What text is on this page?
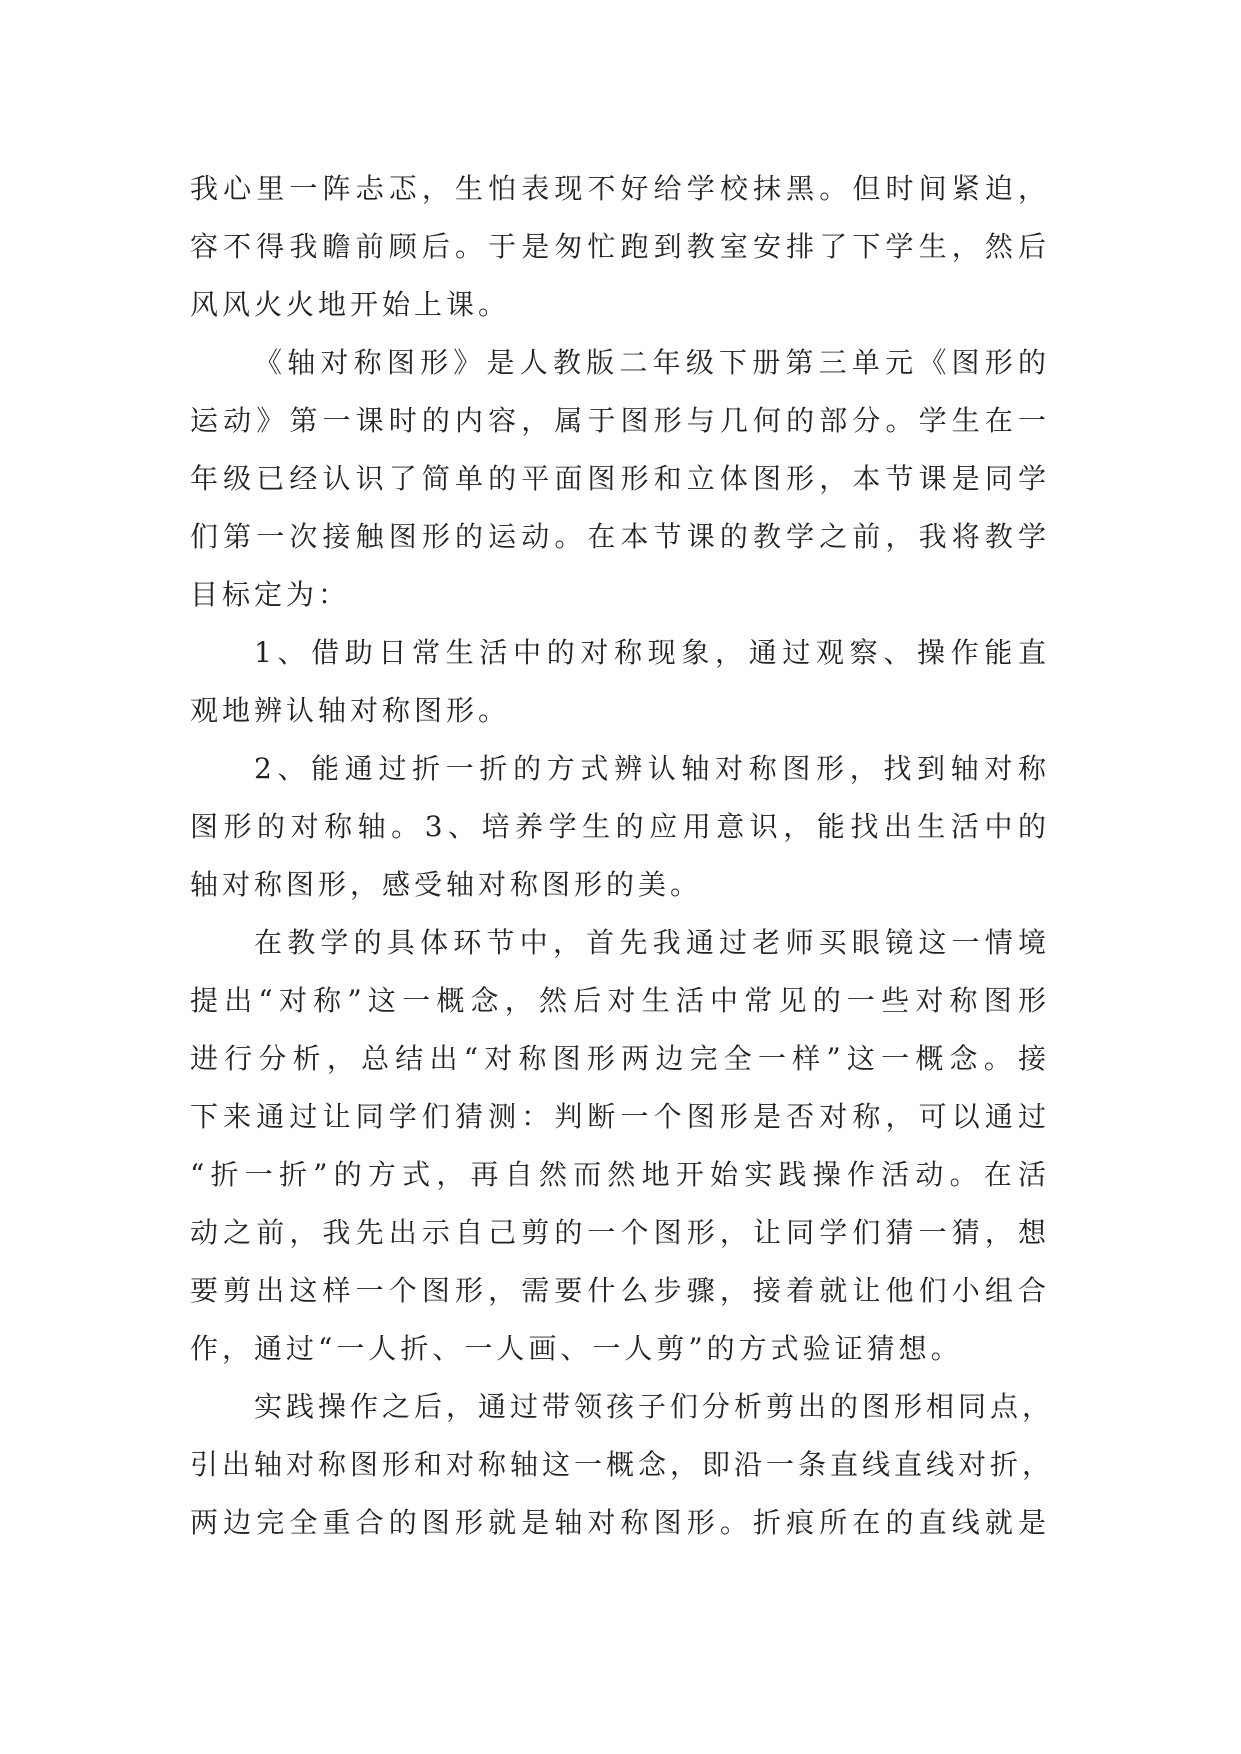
我心里一阵忐忑，生怕表现不好给学校抹黑。但时间紧迫，
容不得我瞻前顾后。于是匆忙跑到教室安排了下学生，然后
风风火火地开始上课。
《轴对称图形》是人教版二年级下册第三单元《图形的
运动》第一课时的内容，属于图形与几何的部分。学生在一
年级已经认识了简单的平面图形和立体图形，本节课是同学
们第一次接触图形的运动。在本节课的教学之前，我将教学
目标定为：
1、借助日常生活中的对称现象，通过观察、操作能直
观地辨认轴对称图形。
2、能通过折一折的方式辨认轴对称图形，找到轴对称
图形的对称轴。3、培养学生的应用意识，能找出生活中的
轴对称图形，感受轴对称图形的美。
在教学的具体环节中，首先我通过老师买眼镜这一情境
提出“对称”这一概念，然后对生活中常见的一些对称图形
进行分析，总结出“对称图形两边完全一样”这一概念。接
下来通过让同学们猜测：判断一个图形是否对称，可以通过
“折一折”的方式，再自然而然地开始实践操作活动。在活
动之前，我先出示自己剪的一个图形，让同学们猜一猜，想
要剪出这样一个图形，需要什么步骤，接着就让他们小组合
作，通过“一人折、一人画、一人剪”的方式验证猜想。
实践操作之后，通过带领孩子们分析剪出的图形相同点，
引出轴对称图形和对称轴这一概念，即沿一条直线直线对折，
两边完全重合的图形就是轴对称图形。折痕所在的直线就是
